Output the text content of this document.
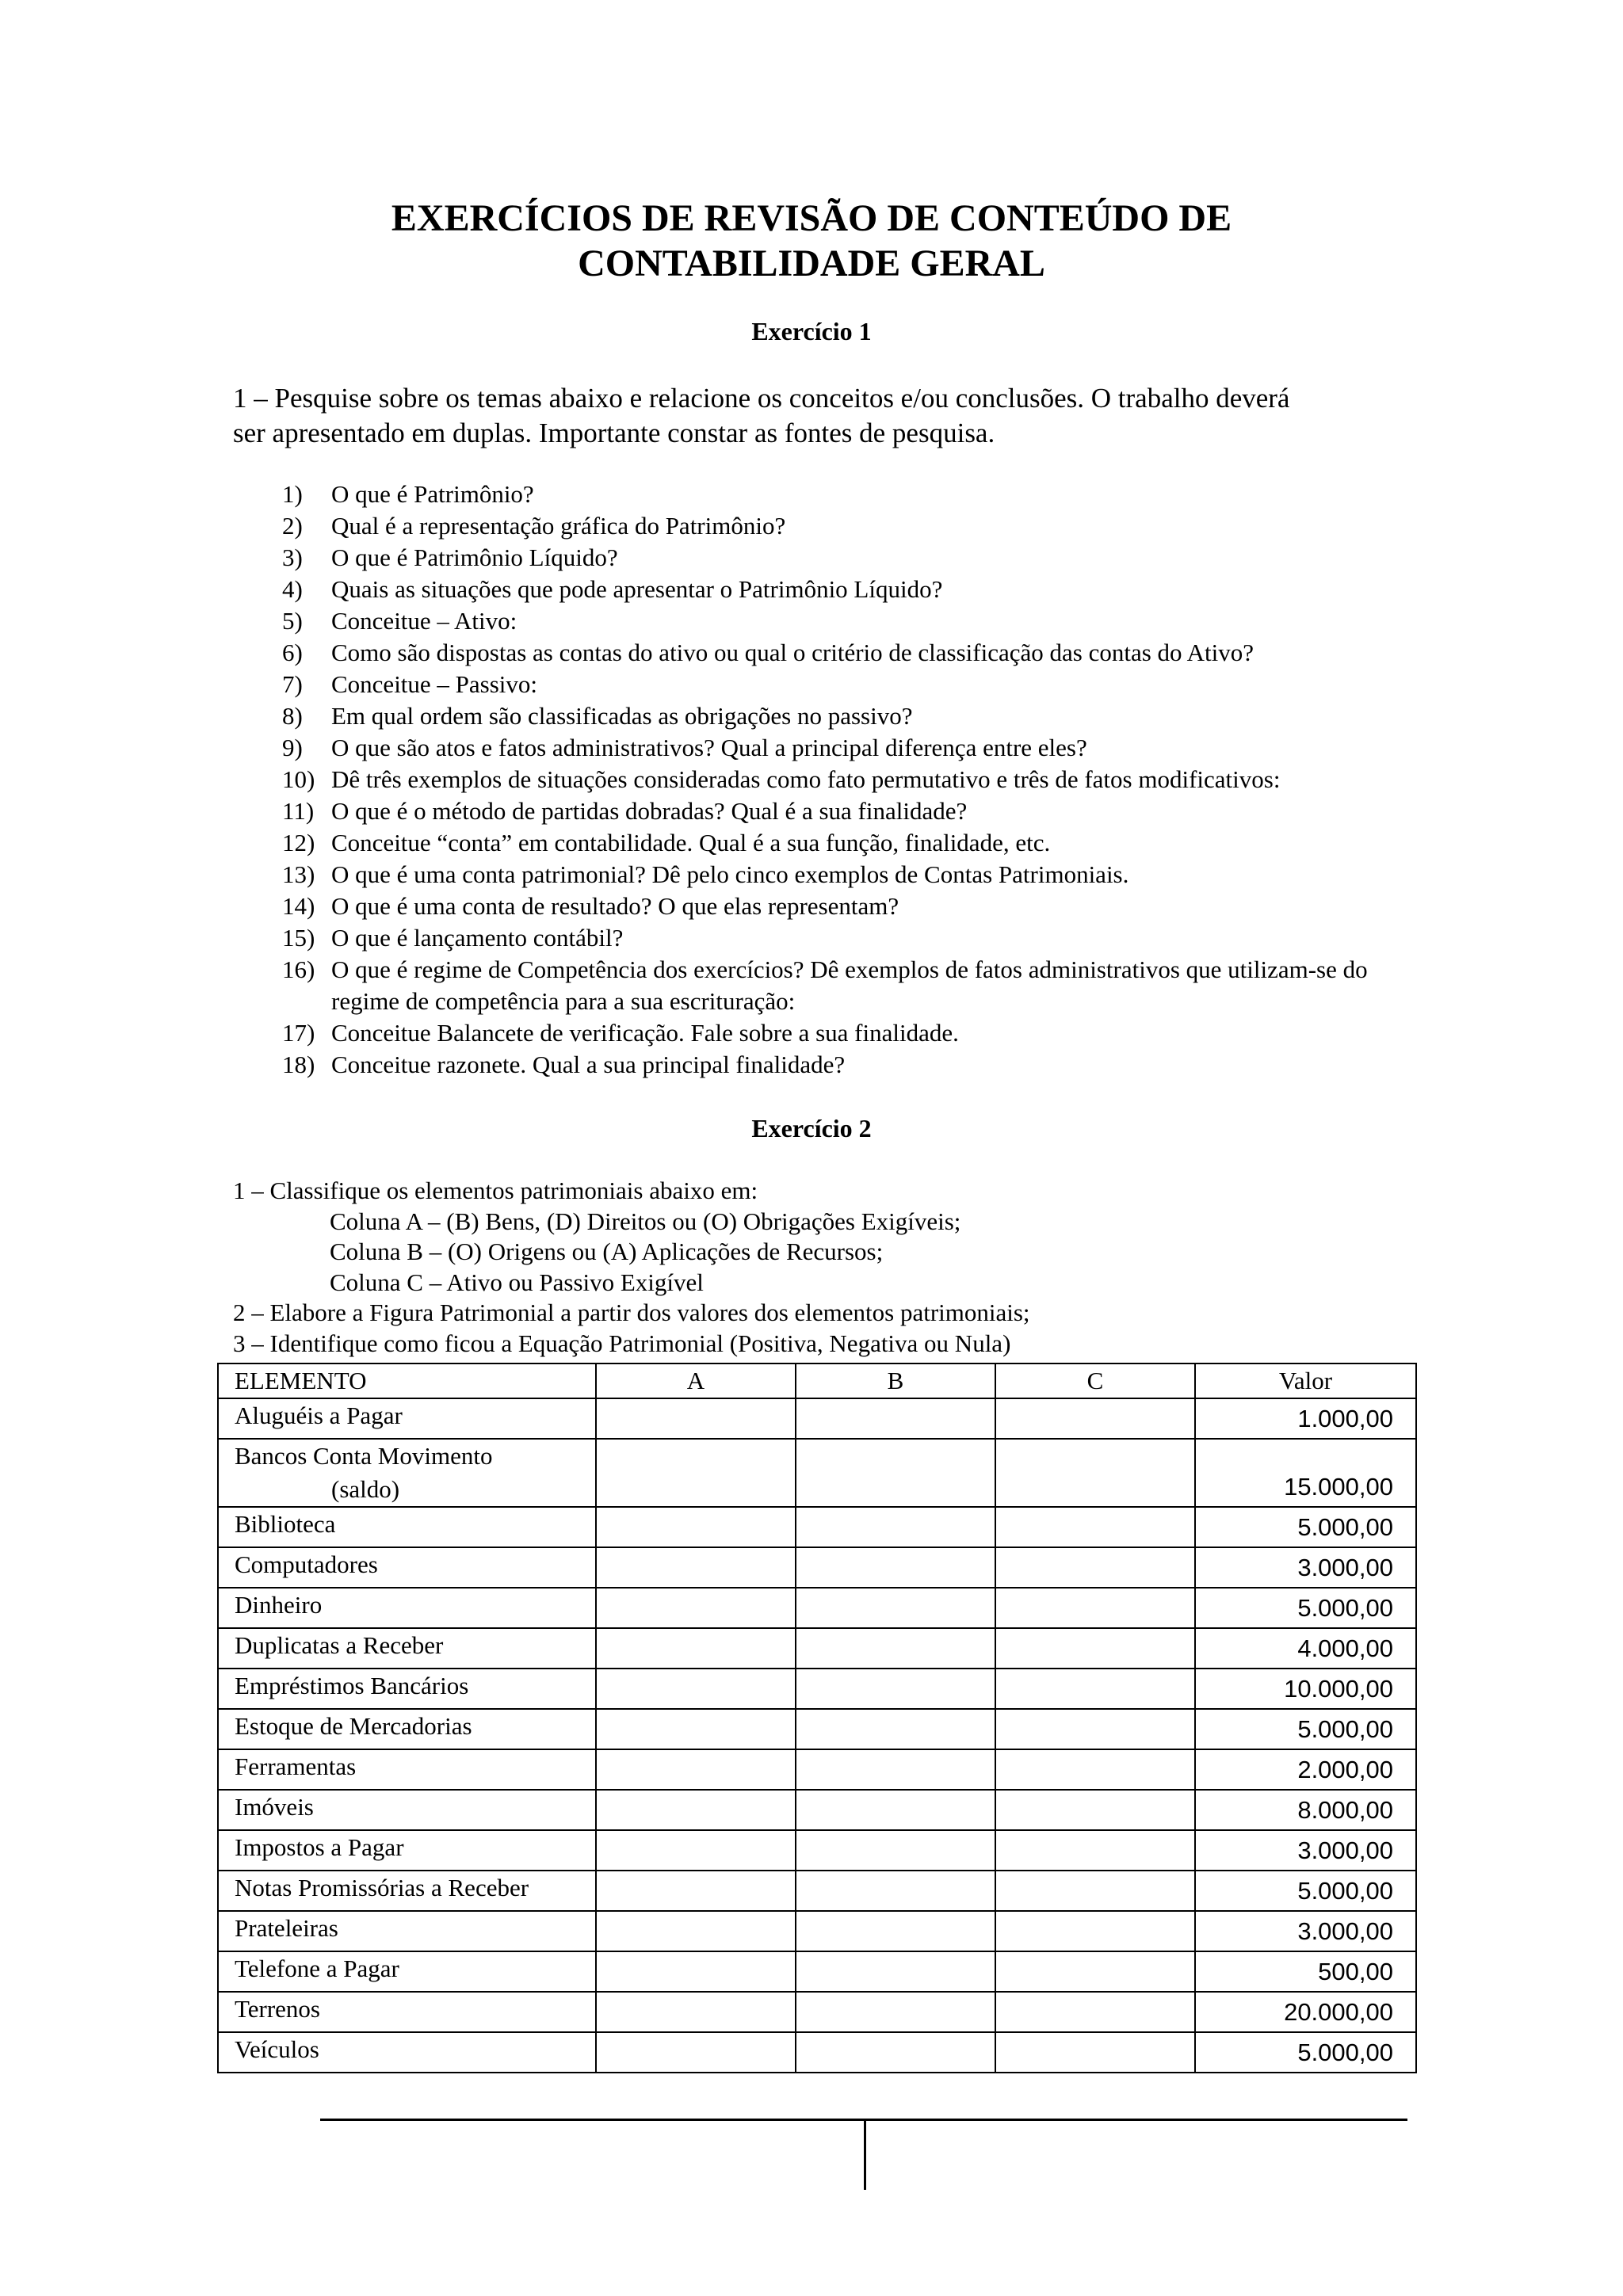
EXERCÍCIOS DE REVISÃO DE CONTEÚDO DE
CONTABILIDADE GERAL
Exercício 1
1 – Pesquise sobre os temas abaixo e relacione os conceitos e/ou conclusões. O trabalho deverá
ser apresentado em duplas. Importante constar as fontes de pesquisa.
1)	O que é Patrimônio?
2)	Qual é a representação gráfica do Patrimônio?
3)	O que é Patrimônio Líquido?
4)	Quais as situações que pode apresentar o Patrimônio Líquido?
5)	Conceitue – Ativo:
6)	Como são dispostas as contas do ativo ou qual o critério de classificação das contas do Ativo?
7)	Conceitue – Passivo:
8)	Em qual ordem são classificadas as obrigações no passivo?
9)	O que são atos e fatos administrativos? Qual a principal diferença entre eles?
10) Dê três exemplos de situações consideradas como fato permutativo e três de fatos modificativos:
11) O que é o método de partidas dobradas? Qual é a sua finalidade?
12) Conceitue “conta” em contabilidade. Qual é a sua função, finalidade, etc.
13) O que é uma conta patrimonial? Dê pelo cinco exemplos de Contas Patrimoniais.
14) O que é uma conta de resultado? O que elas representam?
15) O que é lançamento contábil?
16) O que é regime de Competência dos exercícios? Dê exemplos de fatos administrativos que utilizam-se do regime de competência para a sua escrituração:
17) Conceitue Balancete de verificação. Fale sobre a sua finalidade.
18) Conceitue razonete. Qual a sua principal finalidade?
Exercício 2
1 – Classifique os elementos patrimoniais abaixo em:
Coluna A – (B) Bens, (D) Direitos ou (O) Obrigações Exigíveis;
Coluna B – (O) Origens ou (A) Aplicações de Recursos;
Coluna C – Ativo ou Passivo Exigível
2 – Elabore a Figura Patrimonial a partir dos valores dos elementos patrimoniais;
3 – Identifique como ficou a Equação Patrimonial (Positiva, Negativa ou Nula)
ELEMENTO	A	B	C	Valor
Aluguéis a Pagar				1.000,00
Bancos Conta Movimento
(saldo)				15.000,00
Biblioteca				5.000,00
Computadores				3.000,00
Dinheiro				5.000,00
Duplicatas a Receber				4.000,00
Empréstimos Bancários				10.000,00
Estoque de Mercadorias				5.000,00
Ferramentas				2.000,00
Imóveis				8.000,00
Impostos a Pagar				3.000,00
Notas Promissórias a Receber				5.000,00
Prateleiras				3.000,00
Telefone a Pagar				500,00
Terrenos				20.000,00
Veículos				5.000,00
